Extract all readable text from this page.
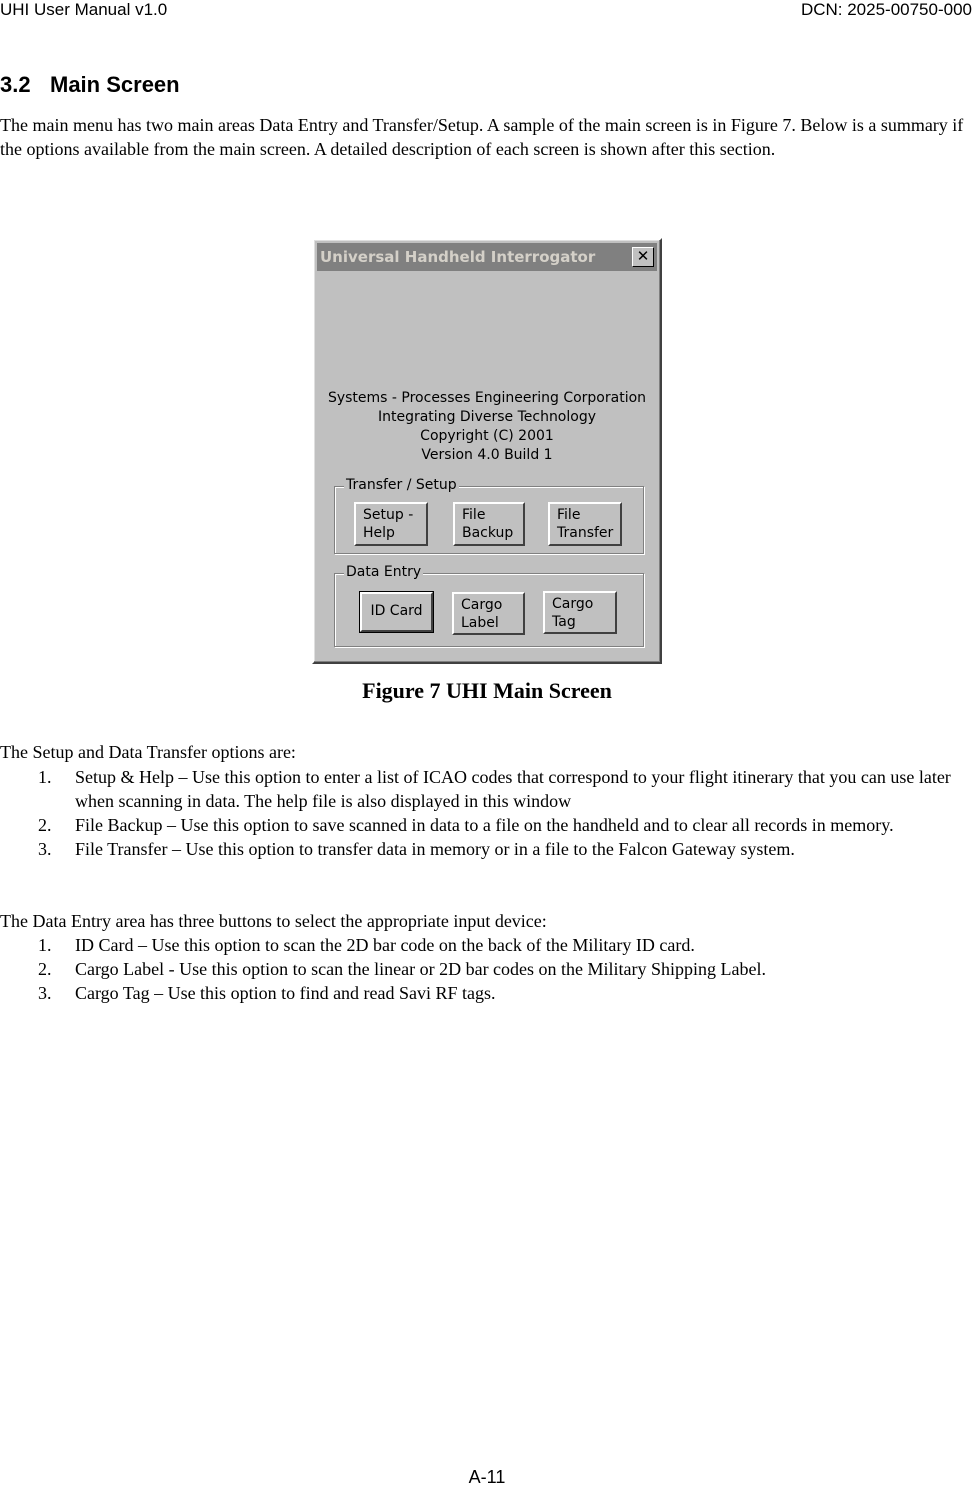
UHI User Manual v1.0	DCN: 2025-00750-000
3.2 Main Screen

The main menu has two main areas Data Entry and Transfer/Setup. A sample of the main screen is in Figure 7. Below is a summary if the options available from the main screen. A detailed description of each screen is shown after this section.

Universal Handheld Interrogator	✕
Systems - Processes Engineering Corporation
Integrating Diverse Technology
Copyright (C) 2001
Version 4.0 Build 1
Transfer / Setup
Setup -
Help
File
Backup
File
Transfer
Data Entry
ID Card	Cargo
Label
Cargo
Tag
Figure 7 UHI Main Screen
The Setup and Data Transfer options are:
1. Setup & Help – Use this option to enter a list of ICAO codes that correspond to your flight itinerary that you can use later when scanning in data. The help file is also displayed in this window
2. File Backup – Use this option to save scanned in data to a file on the handheld and to clear all records in memory.
3. File Transfer – Use this option to transfer data in memory or in a file to the Falcon Gateway system.
The Data Entry area has three buttons to select the appropriate input device:
1. ID Card – Use this option to scan the 2D bar code on the back of the Military ID card.
2. Cargo Label - Use this option to scan the linear or 2D bar codes on the Military Shipping Label.
3. Cargo Tag – Use this option to find and read Savi RF tags.
A-11
